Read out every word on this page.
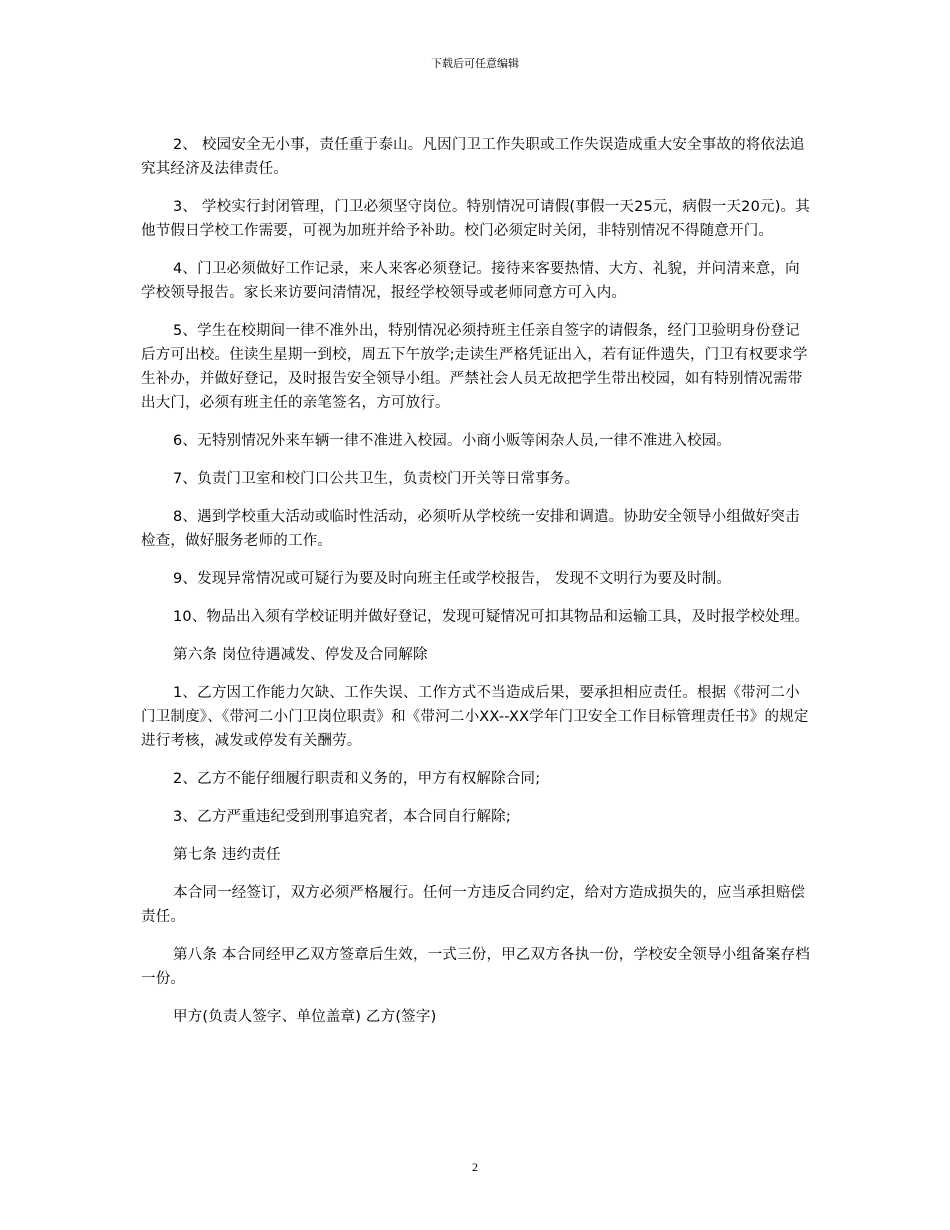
下载后可任意编辑

2、 校园安全无小事，责任重于泰山。凡因门卫工作失职或工作失误造成重大安全事故的将依法追究其经济及法律责任。

3、 学校实行封闭管理，门卫必须坚守岗位。特别情况可请假(事假一天25元，病假一天20元)。其他节假日学校工作需要，可视为加班并给予补助。校门必须定时关闭，非特别情况不得随意开门。

4、门卫必须做好工作记录，来人来客必须登记。接待来客要热情、大方、礼貌，并问清来意，向学校领导报告。家长来访要问清情况，报经学校领导或老师同意方可入内。

5、学生在校期间一律不准外出，特别情况必须持班主任亲自签字的请假条，经门卫验明身份登记后方可出校。住读生星期一到校，周五下午放学;走读生严格凭证出入，若有证件遗失，门卫有权要求学生补办，并做好登记，及时报告安全领导小组。严禁社会人员无故把学生带出校园，如有特别情况需带出大门，必须有班主任的亲笔签名，方可放行。

6、无特别情况外来车辆一律不准进入校园。小商小贩等闲杂人员,一律不准进入校园。

7、负责门卫室和校门口公共卫生，负责校门开关等日常事务。

8、遇到学校重大活动或临时性活动，必须听从学校统一安排和调遣。协助安全领导小组做好突击检查，做好服务老师的工作。

9、发现异常情况或可疑行为要及时向班主任或学校报告， 发现不文明行为要及时制。

10、物品出入须有学校证明并做好登记，发现可疑情况可扣其物品和运输工具，及时报学校处理。

第六条 岗位待遇减发、停发及合同解除

1、乙方因工作能力欠缺、工作失误、工作方式不当造成后果，要承担相应责任。根据《带河二小门卫制度》、《带河二小门卫岗位职责》和《带河二小XX--XX学年门卫安全工作目标管理责任书》的规定进行考核，减发或停发有关酬劳。

2、乙方不能仔细履行职责和义务的，甲方有权解除合同;

3、乙方严重违纪受到刑事追究者，本合同自行解除;

第七条 违约责任

本合同一经签订，双方必须严格履行。任何一方违反合同约定，给对方造成损失的，应当承担赔偿责任。

第八条 本合同经甲乙双方签章后生效，一式三份，甲乙双方各执一份，学校安全领导小组备案存档一份。

甲方(负责人签字、单位盖章) 乙方(签字)

2
